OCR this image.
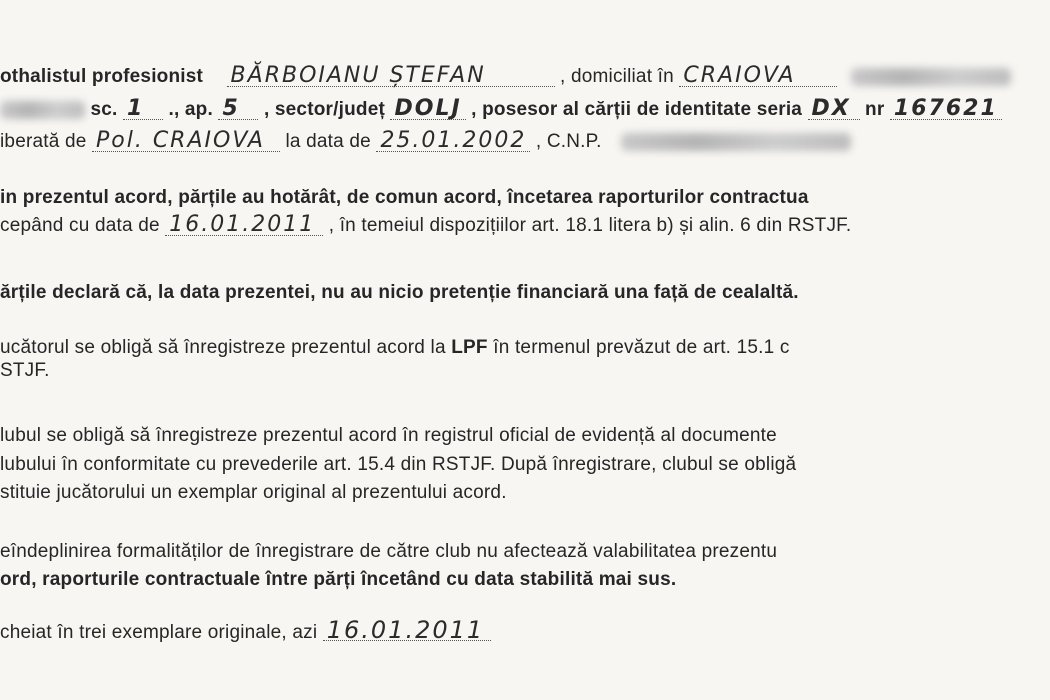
othalistul profesionist BĂRBOIANU ȘTEFAN	, domiciliat în CRAIOVA
sc. 1 ., ap. 5 , sector/județ DOLJ , posesor al cărții de identitate seria DX nr 167621
iberată de Pol. CRAIOVA la data de 25.01.2002 , C.N.P.
in prezentul acord, părțile au hotărât, de comun acord, încetarea raporturilor contractua
cepând cu data de 16.01.2011 , în temeiul dispozițiilor art. 18.1 litera b) și alin. 6 din RSTJF.
ărțile declară că, la data prezentei, nu au nicio pretenție financiară una față de cealaltă.
ucătorul se obligă să înregistreze prezentul acord la LPF în termenul prevăzut de art. 15.1 c
STJF.
lubul se obligă să înregistreze prezentul acord în registrul oficial de evidență al documente
lubului în conformitate cu prevederile art. 15.4 din RSTJF. După înregistrare, clubul se obligă
stituie jucătorului un exemplar original al prezentului acord.
eîndeplinirea formalităților de înregistrare de către club nu afectează valabilitatea prezentu
ord, raporturile contractuale între părți încetând cu data stabilită mai sus.
cheiat în trei exemplare originale, azi 16.01.2011
